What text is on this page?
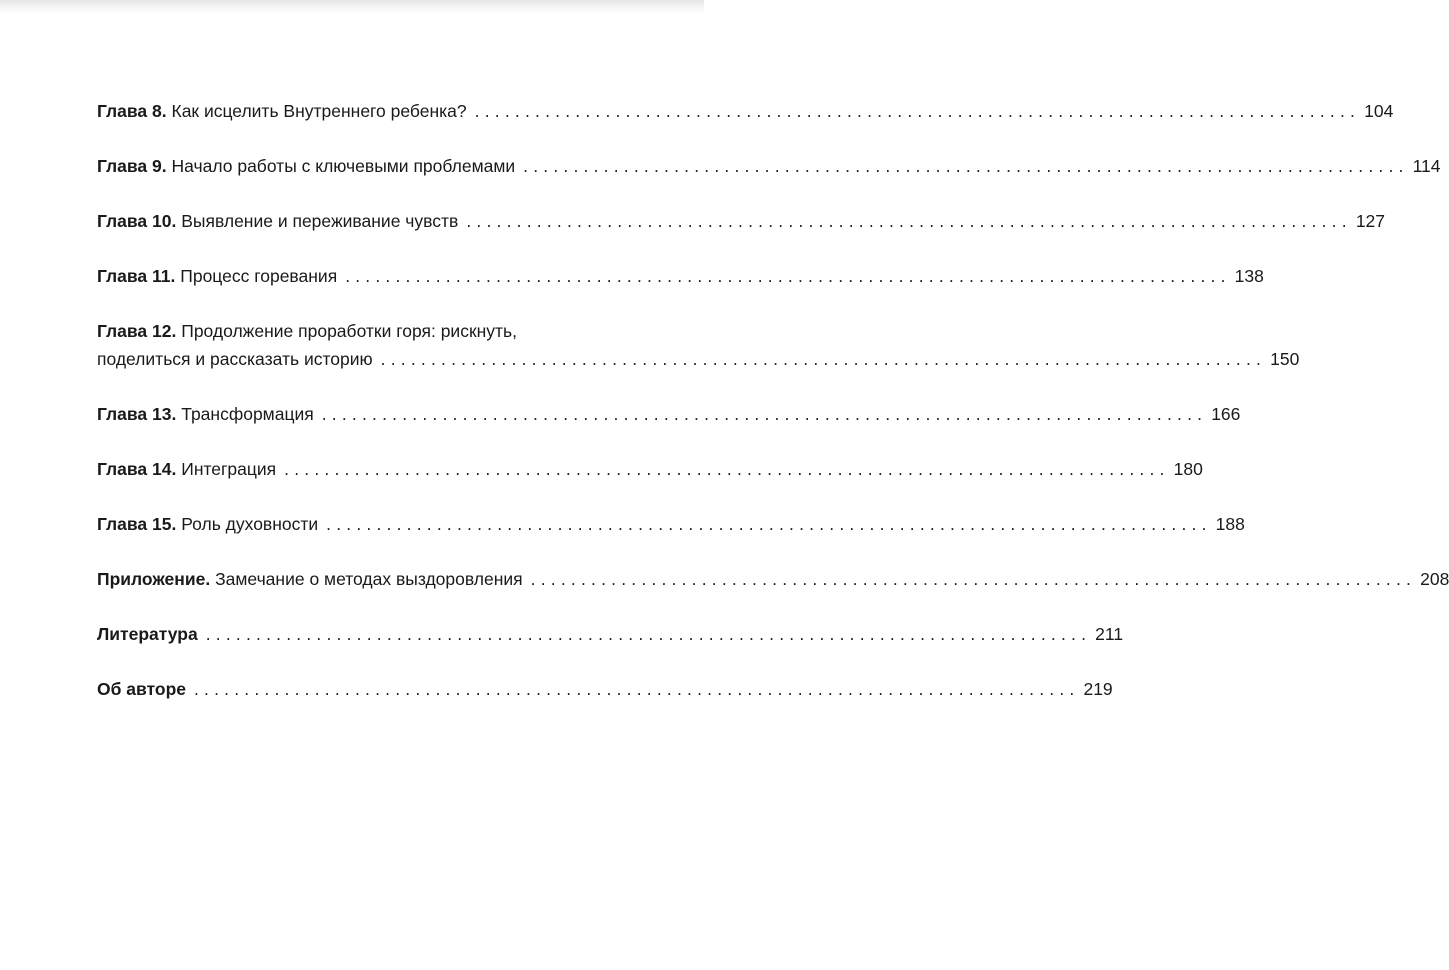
Глава 8. Как исцелить Внутреннего ребенка? ........................................................................................ 104
Глава 9. Начало работы с ключевыми проблемами ........................................................................................ 114
Глава 10. Выявление и переживание чувств ........................................................................................ 127
Глава 11. Процесс горевания ........................................................................................ 138
Глава 12. Продолжение проработки горя: рискнуть,
поделиться и рассказать историю ........................................................................................ 150
Глава 13. Трансформация ........................................................................................ 166
Глава 14. Интеграция ........................................................................................ 180
Глава 15. Роль духовности ........................................................................................ 188
Приложение. Замечание о методах выздоровления ........................................................................................ 208
Литература ........................................................................................ 211
Об авторе ........................................................................................ 219
